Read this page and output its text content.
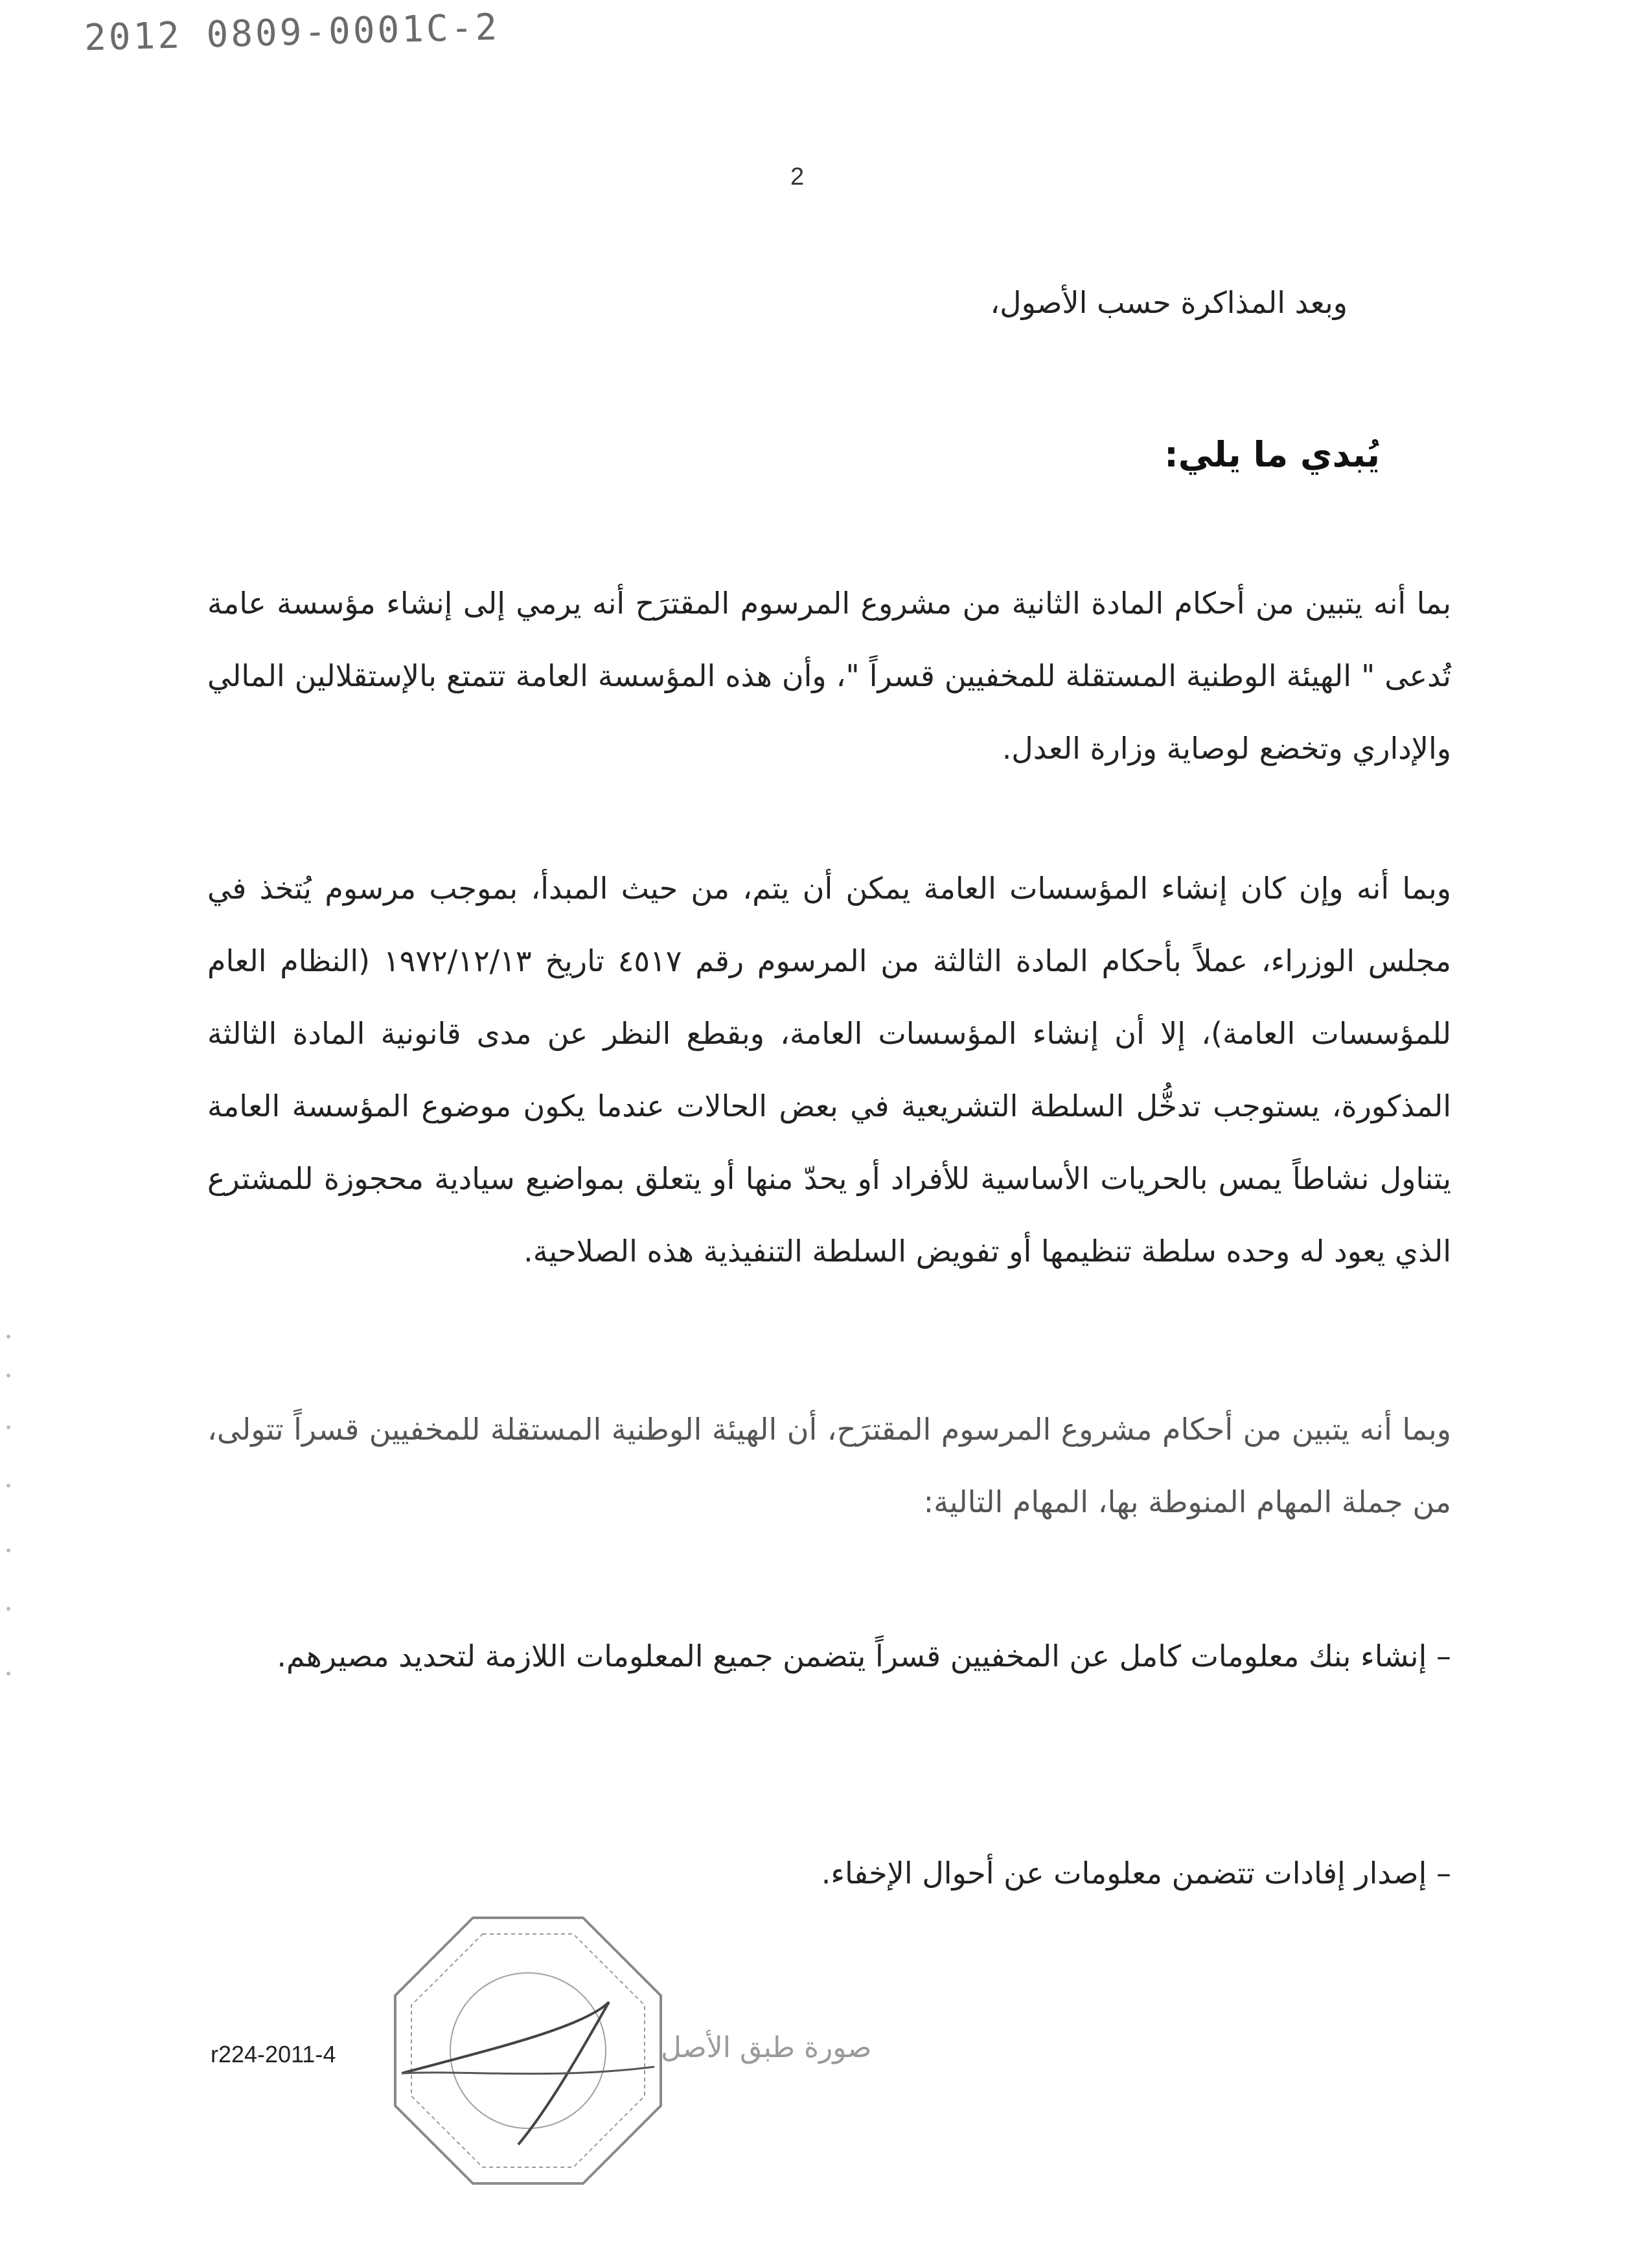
2012 0809-0001C-2
2
وبعد المذاكرة حسب الأصول،
يُبدي ما يلي:
بما أنه يتبين من أحكام المادة الثانية من مشروع المرسوم المقترَح أنه يرمي إلى إنشاء مؤسسة عامة تُدعى " الهيئة الوطنية المستقلة للمخفيين قسراً "، وأن هذه المؤسسة العامة تتمتع بالإستقلالين المالي والإداري وتخضع لوصاية وزارة العدل.
وبما أنه وإن كان إنشاء المؤسسات العامة يمكن أن يتم، من حيث المبدأ، بموجب مرسوم يُتخذ في مجلس الوزراء، عملاً بأحكام المادة الثالثة من المرسوم رقم ٤٥١٧ تاريخ ١٩٧٢/١٢/١٣ (النظام العام للمؤسسات العامة)، إلا أن إنشاء المؤسسات العامة، وبقطع النظر عن مدى قانونية المادة الثالثة المذكورة، يستوجب تدخُّل السلطة التشريعية في بعض الحالات عندما يكون موضوع المؤسسة العامة يتناول نشاطاً يمس بالحريات الأساسية للأفراد أو يحدّ منها أو يتعلق بمواضيع سيادية محجوزة للمشترع الذي يعود له وحده سلطة تنظيمها أو تفويض السلطة التنفيذية هذه الصلاحية.
وبما أنه يتبين من أحكام مشروع المرسوم المقترَح، أن الهيئة الوطنية المستقلة للمخفيين قسراً تتولى، من جملة المهام المنوطة بها، المهام التالية:
– إنشاء بنك معلومات كامل عن المخفيين قسراً يتضمن جميع المعلومات اللازمة لتحديد مصيرهم.
– إصدار إفادات تتضمن معلومات عن أحوال الإخفاء.
r224-2011-4	صورة طبق الأصل
